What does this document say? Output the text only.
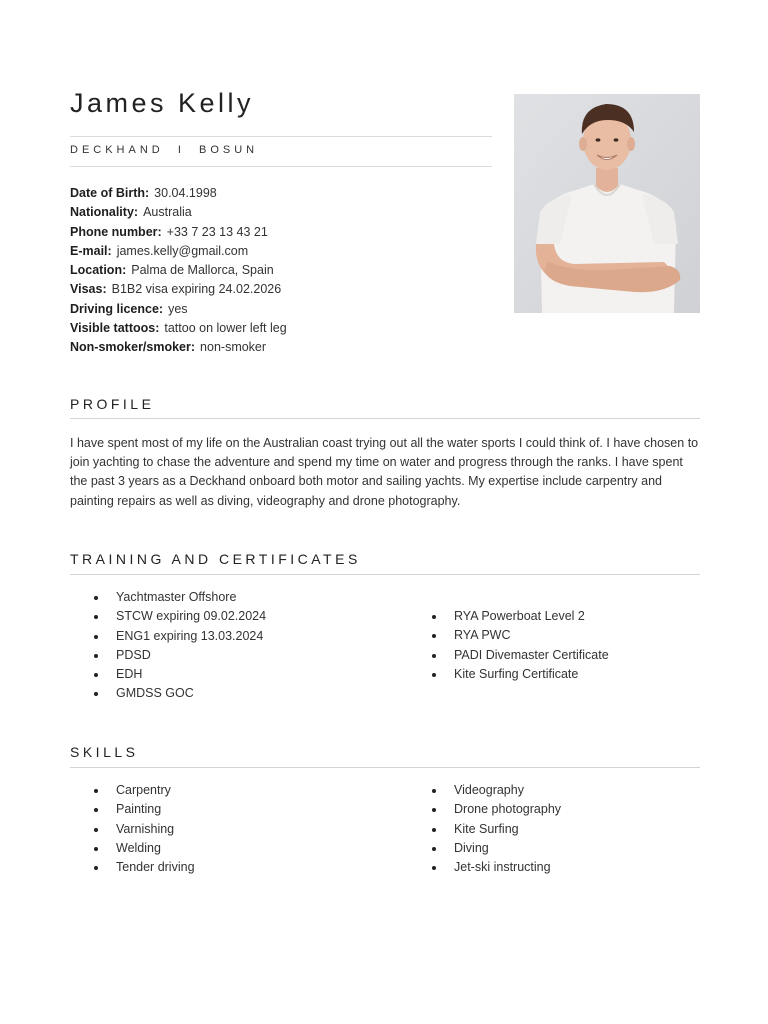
James Kelly
DECKHAND  I  BOSUN
Date of Birth: 30.04.1998
Nationality: Australia
Phone number: +33 7 23 13 43 21
E-mail: james.kelly@gmail.com
Location: Palma de Mallorca, Spain
Visas: B1B2 visa expiring 24.02.2026
Driving licence: yes
Visible tattoos: tattoo on lower left leg
Non-smoker/smoker: non-smoker
PROFILE

I have spent most of my life on the Australian coast trying out all the water sports I could think of. I have chosen to join yachting to chase the adventure and spend my time on water and progress through the ranks. I have spent the past 3 years as a Deckhand onboard both motor and sailing yachts. My expertise include carpentry and painting repairs as well as diving, videography and drone photography.

TRAINING AND CERTIFICATES
Yachtmaster Offshore
STCW expiring 09.02.2024
ENG1 expiring 13.03.2024
PDSD
EDH
GMDSS GOC
RYA Powerboat Level 2
RYA PWC
PADI Divemaster Certificate
Kite Surfing Certificate
SKILLS
Carpentry
Painting
Varnishing
Welding
Tender driving
Videography
Drone photography
Kite Surfing
Diving
Jet-ski instructing
